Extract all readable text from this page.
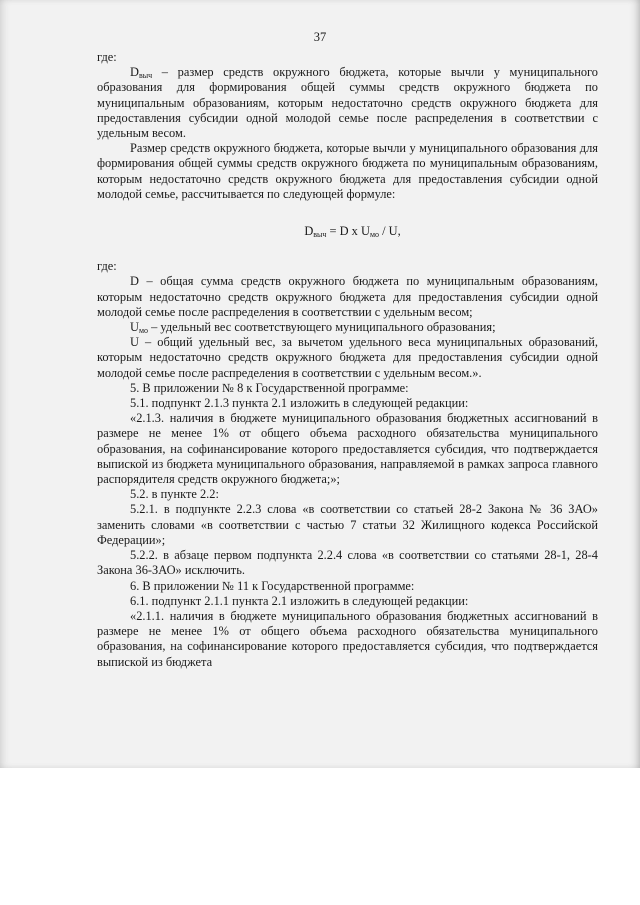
37

где:

$D_{выч}$ – размер средств окружного бюджета, которые вычли у муниципального образования для формирования общей суммы средств окружного бюджета по муниципальным образованиям, которым недостаточно средств окружного бюджета для предоставления субсидии одной молодой семье после распределения в соответствии с удельным весом.

Размер средств окружного бюджета, которые вычли у муниципального образования для формирования общей суммы средств окружного бюджета по муниципальным образованиям, которым недостаточно средств окружного бюджета для предоставления субсидии одной молодой семье, рассчитывается по следующей формуле:

$D_{выч} = D$ x $U_{мо}$ / U,

где:

D – общая сумма средств окружного бюджета по муниципальным образованиям, которым недостаточно средств окружного бюджета для предоставления субсидии одной молодой семье после распределения в соответствии с удельным весом;

$U_{мо}$ – удельный вес соответствующего муниципального образования;

U – общий удельный вес, за вычетом удельного веса муниципальных образований, которым недостаточно средств окружного бюджета для предоставления субсидии одной молодой семье после распределения в соответствии с удельным весом.».

5. В приложении № 8 к Государственной программе:

5.1. подпункт 2.1.3 пункта 2.1 изложить в следующей редакции:

«2.1.3. наличия в бюджете муниципального образования бюджетных ассигнований в размере не менее 1% от общего объема расходного обязательства муниципального образования, на софинансирование которого предоставляется субсидия, что подтверждается выпиской из бюджета муниципального образования, направляемой в рамках запроса главного распорядителя средств окружного бюджета;»;

5.2. в пункте 2.2:

5.2.1. в подпункте 2.2.3 слова «в соответствии со статьей 28-2 Закона № 36 ЗАО» заменить словами «в соответствии с частью 7 статьи 32 Жилищного кодекса Российской Федерации»;

5.2.2. в абзаце первом подпункта 2.2.4 слова «в соответствии со статьями 28-1, 28-4 Закона 36-ЗАО» исключить.

6. В приложении № 11 к Государственной программе:

6.1. подпункт 2.1.1 пункта 2.1 изложить в следующей редакции:

«2.1.1. наличия в бюджете муниципального образования бюджетных ассигнований в размере не менее 1% от общего объема расходного обязательства муниципального образования, на софинансирование которого предоставляется субсидия, что подтверждается выпиской из бюджета
